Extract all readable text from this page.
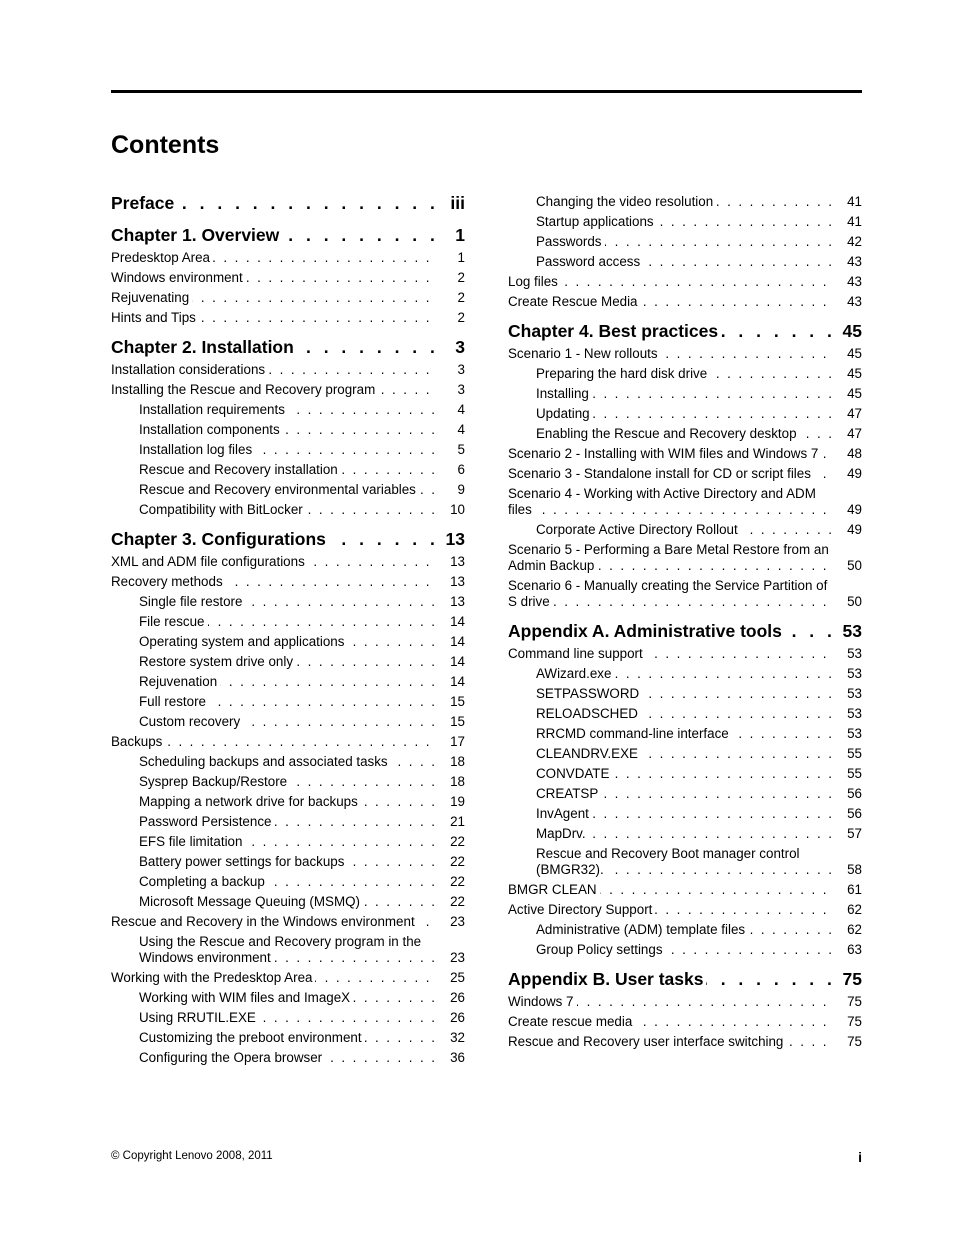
Contents
Preface . . .	iii
Chapter 1. Overview . . .	1
Predesktop Area . . .	1
Windows environment . . .	2
Rejuvenating . . .	2
Hints and Tips . . .	2
Chapter 2. Installation . . .	3
Installation considerations . . .	3
Installing the Rescue and Recovery program . . .	3
Installation requirements . . .	4
Installation components . . .	4
Installation log files . . .	5
Rescue and Recovery installation . . .	6
Rescue and Recovery environmental variables . . .	9
Compatibility with BitLocker . . .	10
Chapter 3. Configurations . . .	13
XML and ADM file configurations . . .	13
Recovery methods . . .	13
Single file restore . . .	13
File rescue . . .	14
Operating system and applications . . .	14
Restore system drive only . . .	14
Rejuvenation . . .	14
Full restore . . .	15
Custom recovery . . .	15
Backups . . .	17
Scheduling backups and associated tasks . . .	18
Sysprep Backup/Restore . . .	18
Mapping a network drive for backups . . .	19
Password Persistence . . .	21
EFS file limitation . . .	22
Battery power settings for backups . . .	22
Completing a backup . . .	22
Microsoft Message Queuing (MSMQ) . . .	22
Rescue and Recovery in the Windows environment . . .	23
Using the Rescue and Recovery program in the Windows environment . . .	23
Working with the Predesktop Area . . .	25
Working with WIM files and ImageX . . .	26
Using RRUTIL.EXE . . .	26
Customizing the preboot environment . . .	32
Configuring the Opera browser . . .	36
Changing the video resolution . . .	41
Startup applications . . .	41
Passwords . . .	42
Password access . . .	43
Log files . . .	43
Create Rescue Media . . .	43
Chapter 4. Best practices . . .	45
Scenario 1 - New rollouts . . .	45
Preparing the hard disk drive . . .	45
Installing . . .	45
Updating . . .	47
Enabling the Rescue and Recovery desktop . . .	47
Scenario 2 - Installing with WIM files and Windows 7 . . .	48
Scenario 3 - Standalone install for CD or script files . . .	49
Scenario 4 - Working with Active Directory and ADM files . . .	49
Corporate Active Directory Rollout . . .	49
Scenario 5 - Performing a Bare Metal Restore from an Admin Backup . . .	50
Scenario 6 - Manually creating the Service Partition of S drive . . .	50
Appendix A. Administrative tools . . .	53
Command line support . . .	53
AWizard.exe . . .	53
SETPASSWORD . . .	53
RELOADSCHED . . .	53
RRCMD command-line interface . . .	53
CLEANDRV.EXE . . .	55
CONVDATE . . .	55
CREATSP . . .	56
InvAgent . . .	56
MapDrv. . . .	57
Rescue and Recovery Boot manager control (BMGR32). . . .	58
BMGR CLEAN . . .	61
Active Directory Support . . .	62
Administrative (ADM) template files . . .	62
Group Policy settings . . .	63
Appendix B. User tasks . . .	75
Windows 7 . . .	75
Create rescue media . . .	75
Rescue and Recovery user interface switching . . .	75
© Copyright Lenovo 2008, 2011	i
